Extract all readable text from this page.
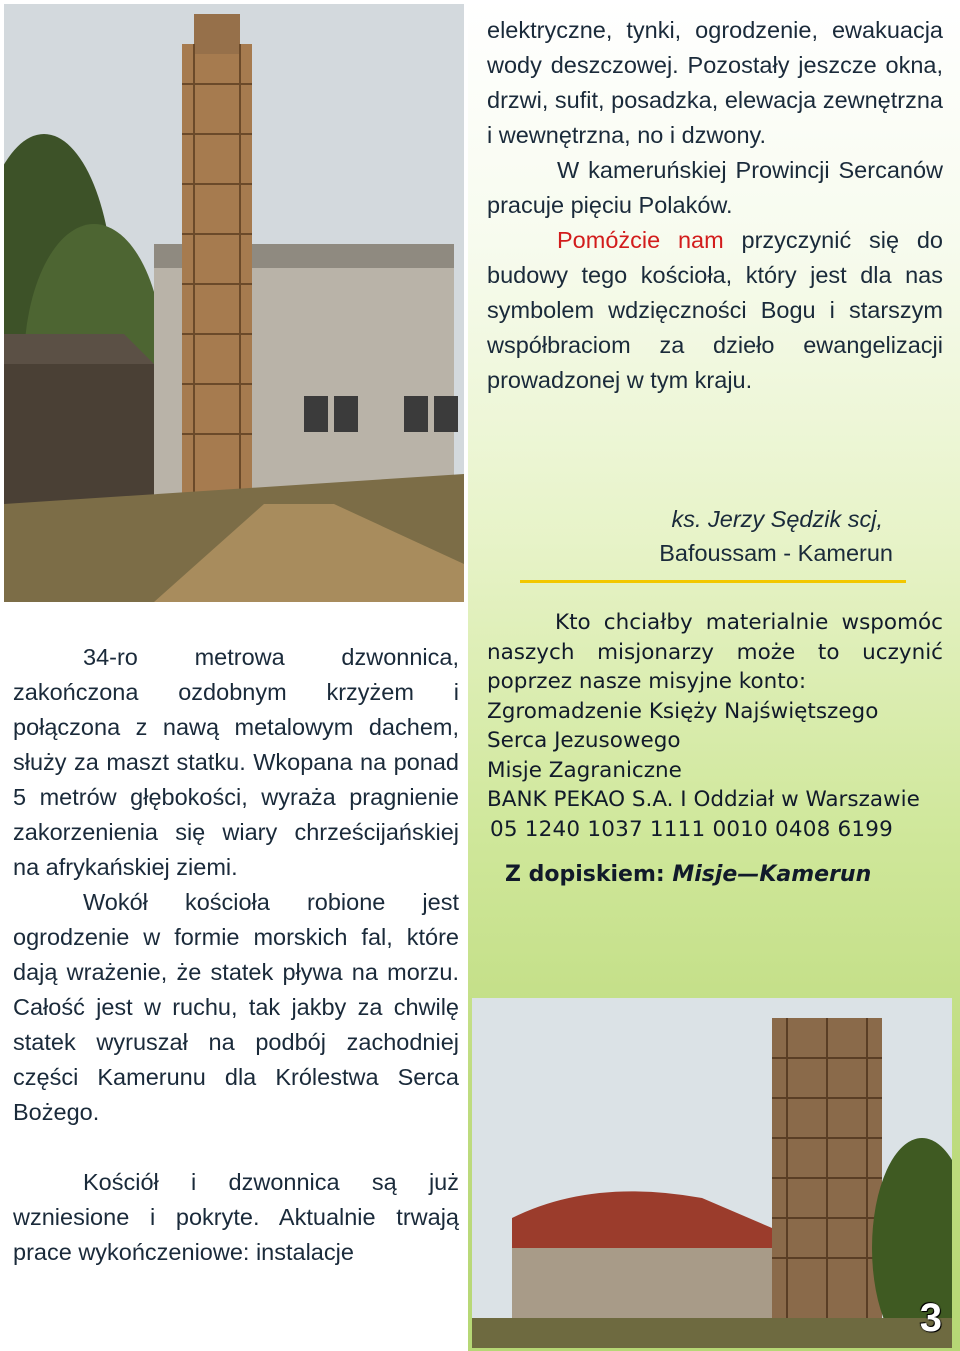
34-ro metrowa dzwonnica, zakończona ozdobnym krzyżem i połączona z nawą metalowym dachem, służy za maszt statku. Wkopana na ponad 5 metrów głębokości, wyraża pragnienie zakorzenienia się wiary chrześcijańskiej na afrykańskiej ziemi.

Wokół kościoła robione jest ogrodzenie w formie morskich fal, które dają wrażenie, że statek pływa na morzu. Całość jest w ruchu, tak jakby za chwilę statek wyruszał na podbój zachodniej części Kamerunu dla Królestwa Serca Bożego.

Kościół i dzwonnica są już wzniesione i pokryte. Aktualnie trwają prace wykończeniowe: instalacje

elektryczne, tynki, ogrodzenie, ewakuacja wody deszczowej. Pozostały jeszcze okna, drzwi, sufit, posadzka, elewacja zewnętrzna i wewnętrzna, no i dzwony.

W kameruńskiej Prowincji Sercanów pracuje pięciu Polaków.

Pomóżcie nam przyczynić się do budowy tego kościoła, który jest dla nas symbolem wdzięczności Bogu i starszym współbraciom za dzieło ewangelizacji prowadzonej w tym kraju.

ks. Jerzy Sędzik scj,
Bafoussam - Kamerun
Kto chciałby materialnie wspomóc naszych misjonarzy może to uczynić poprzez nasze misyjne konto:
Zgromadzenie Księży Najświętszego
Serca Jezusowego
Misje Zagraniczne
BANK PEKAO S.A. I Oddział w Warszawie
05 1240 1037 1111 0010 0408 6199
Z dopiskiem: Misje—Kamerun
3
